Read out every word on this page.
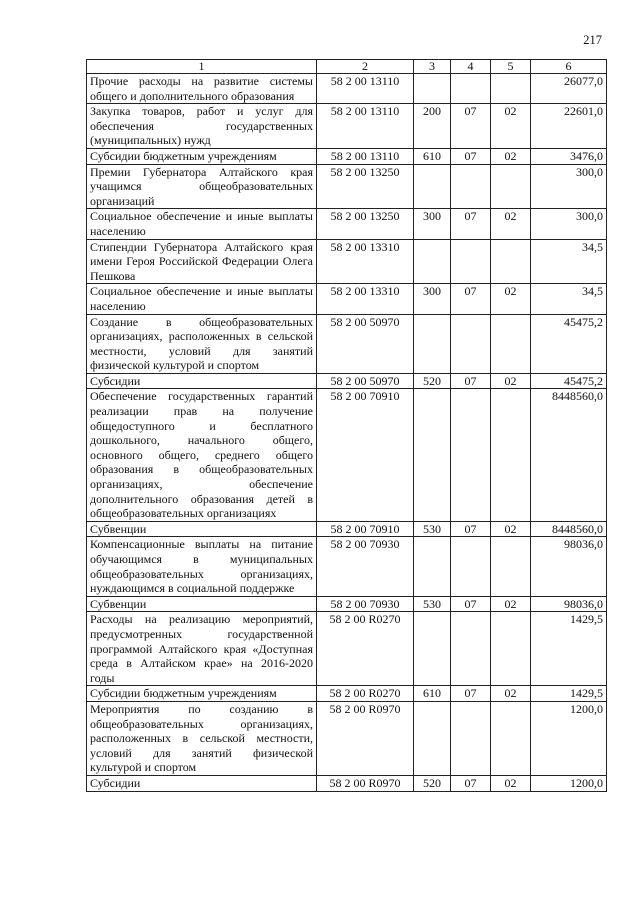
217
1	2	3	4	5	6
Прочие расходы на развитие системы общего и дополнительного образования	58 2 00 13110				26077,0
Закупка товаров, работ и услуг для обеспечения государственных (муниципальных) нужд	58 2 00 13110	200	07	02	22601,0
Субсидии бюджетным учреждениям	58 2 00 13110	610	07	02	3476,0
Премии Губернатора Алтайского края учащимся общеобразовательных организаций	58 2 00 13250				300,0
Социальное обеспечение и иные выплаты населению	58 2 00 13250	300	07	02	300,0
Стипендии Губернатора Алтайского края имени Героя Российской Федерации Олега Пешкова	58 2 00 13310				34,5
Социальное обеспечение и иные выплаты населению	58 2 00 13310	300	07	02	34,5
Создание в общеобразовательных организациях, расположенных в сельской местности, условий для занятий физической культурой и спортом	58 2 00 50970				45475,2
Субсидии	58 2 00 50970	520	07	02	45475,2
Обеспечение государственных гарантий реализации прав на получение общедоступного и бесплатного дошкольного, начального общего, основного общего, среднего общего образования в общеобразовательных организациях, обеспечение дополнительного образования детей в общеобразовательных организациях	58 2 00 70910				8448560,0
Субвенции	58 2 00 70910	530	07	02	8448560,0
Компенсационные выплаты на питание обучающимся в муниципальных общеобразовательных организациях, нуждающимся в социальной поддержке	58 2 00 70930				98036,0
Субвенции	58 2 00 70930	530	07	02	98036,0
Расходы на реализацию мероприятий, предусмотренных государственной программой Алтайского края «Доступная среда в Алтайском крае» на 2016-2020 годы	58 2 00 R0270				1429,5
Субсидии бюджетным учреждениям	58 2 00 R0270	610	07	02	1429,5
Мероприятия по созданию в общеобразовательных организациях, расположенных в сельской местности, условий для занятий физической культурой и спортом	58 2 00 R0970				1200,0
Субсидии	58 2 00 R0970	520	07	02	1200,0
